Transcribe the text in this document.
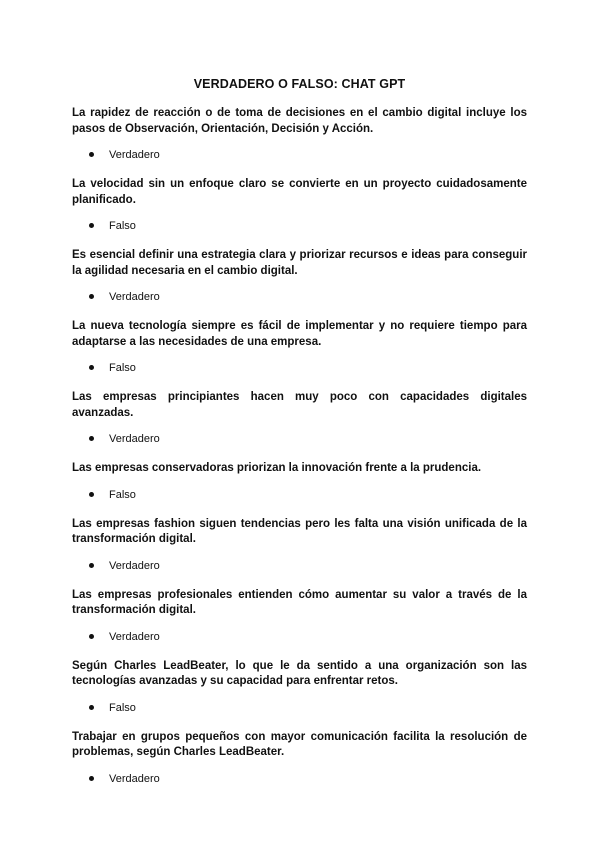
VERDADERO O FALSO: CHAT GPT

La rapidez de reacción o de toma de decisiones en el cambio digital incluye los pasos de Observación, Orientación, Decisión y Acción.

Verdadero

La velocidad sin un enfoque claro se convierte en un proyecto cuidadosamente planificado.

Falso

Es esencial definir una estrategia clara y priorizar recursos e ideas para conseguir la agilidad necesaria en el cambio digital.

Verdadero

La nueva tecnología siempre es fácil de implementar y no requiere tiempo para adaptarse a las necesidades de una empresa.

Falso

Las empresas principiantes hacen muy poco con capacidades digitales avanzadas.

Verdadero

Las empresas conservadoras priorizan la innovación frente a la prudencia.

Falso

Las empresas fashion siguen tendencias pero les falta una visión unificada de la transformación digital.

Verdadero

Las empresas profesionales entienden cómo aumentar su valor a través de la transformación digital.

Verdadero

Según Charles LeadBeater, lo que le da sentido a una organización son las tecnologías avanzadas y su capacidad para enfrentar retos.

Falso

Trabajar en grupos pequeños con mayor comunicación facilita la resolución de problemas, según Charles LeadBeater.

Verdadero
